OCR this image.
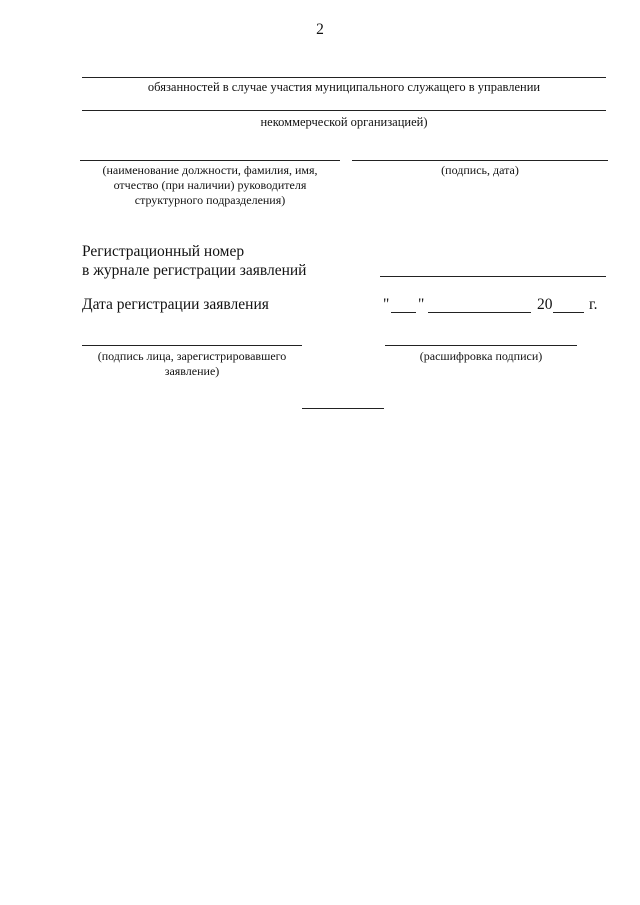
2
обязанностей в случае участия муниципального служащего в управлении
некоммерческой организацией)
(наименование должности, фамилия, имя,
отчество (при наличии) руководителя
структурного подразделения)
(подпись, дата)
Регистрационный номер
в журнале регистрации заявлений
Дата регистрации заявления	" "	20 г.
(подпись лица, зарегистрировавшего
заявление)
(расшифровка подписи)
